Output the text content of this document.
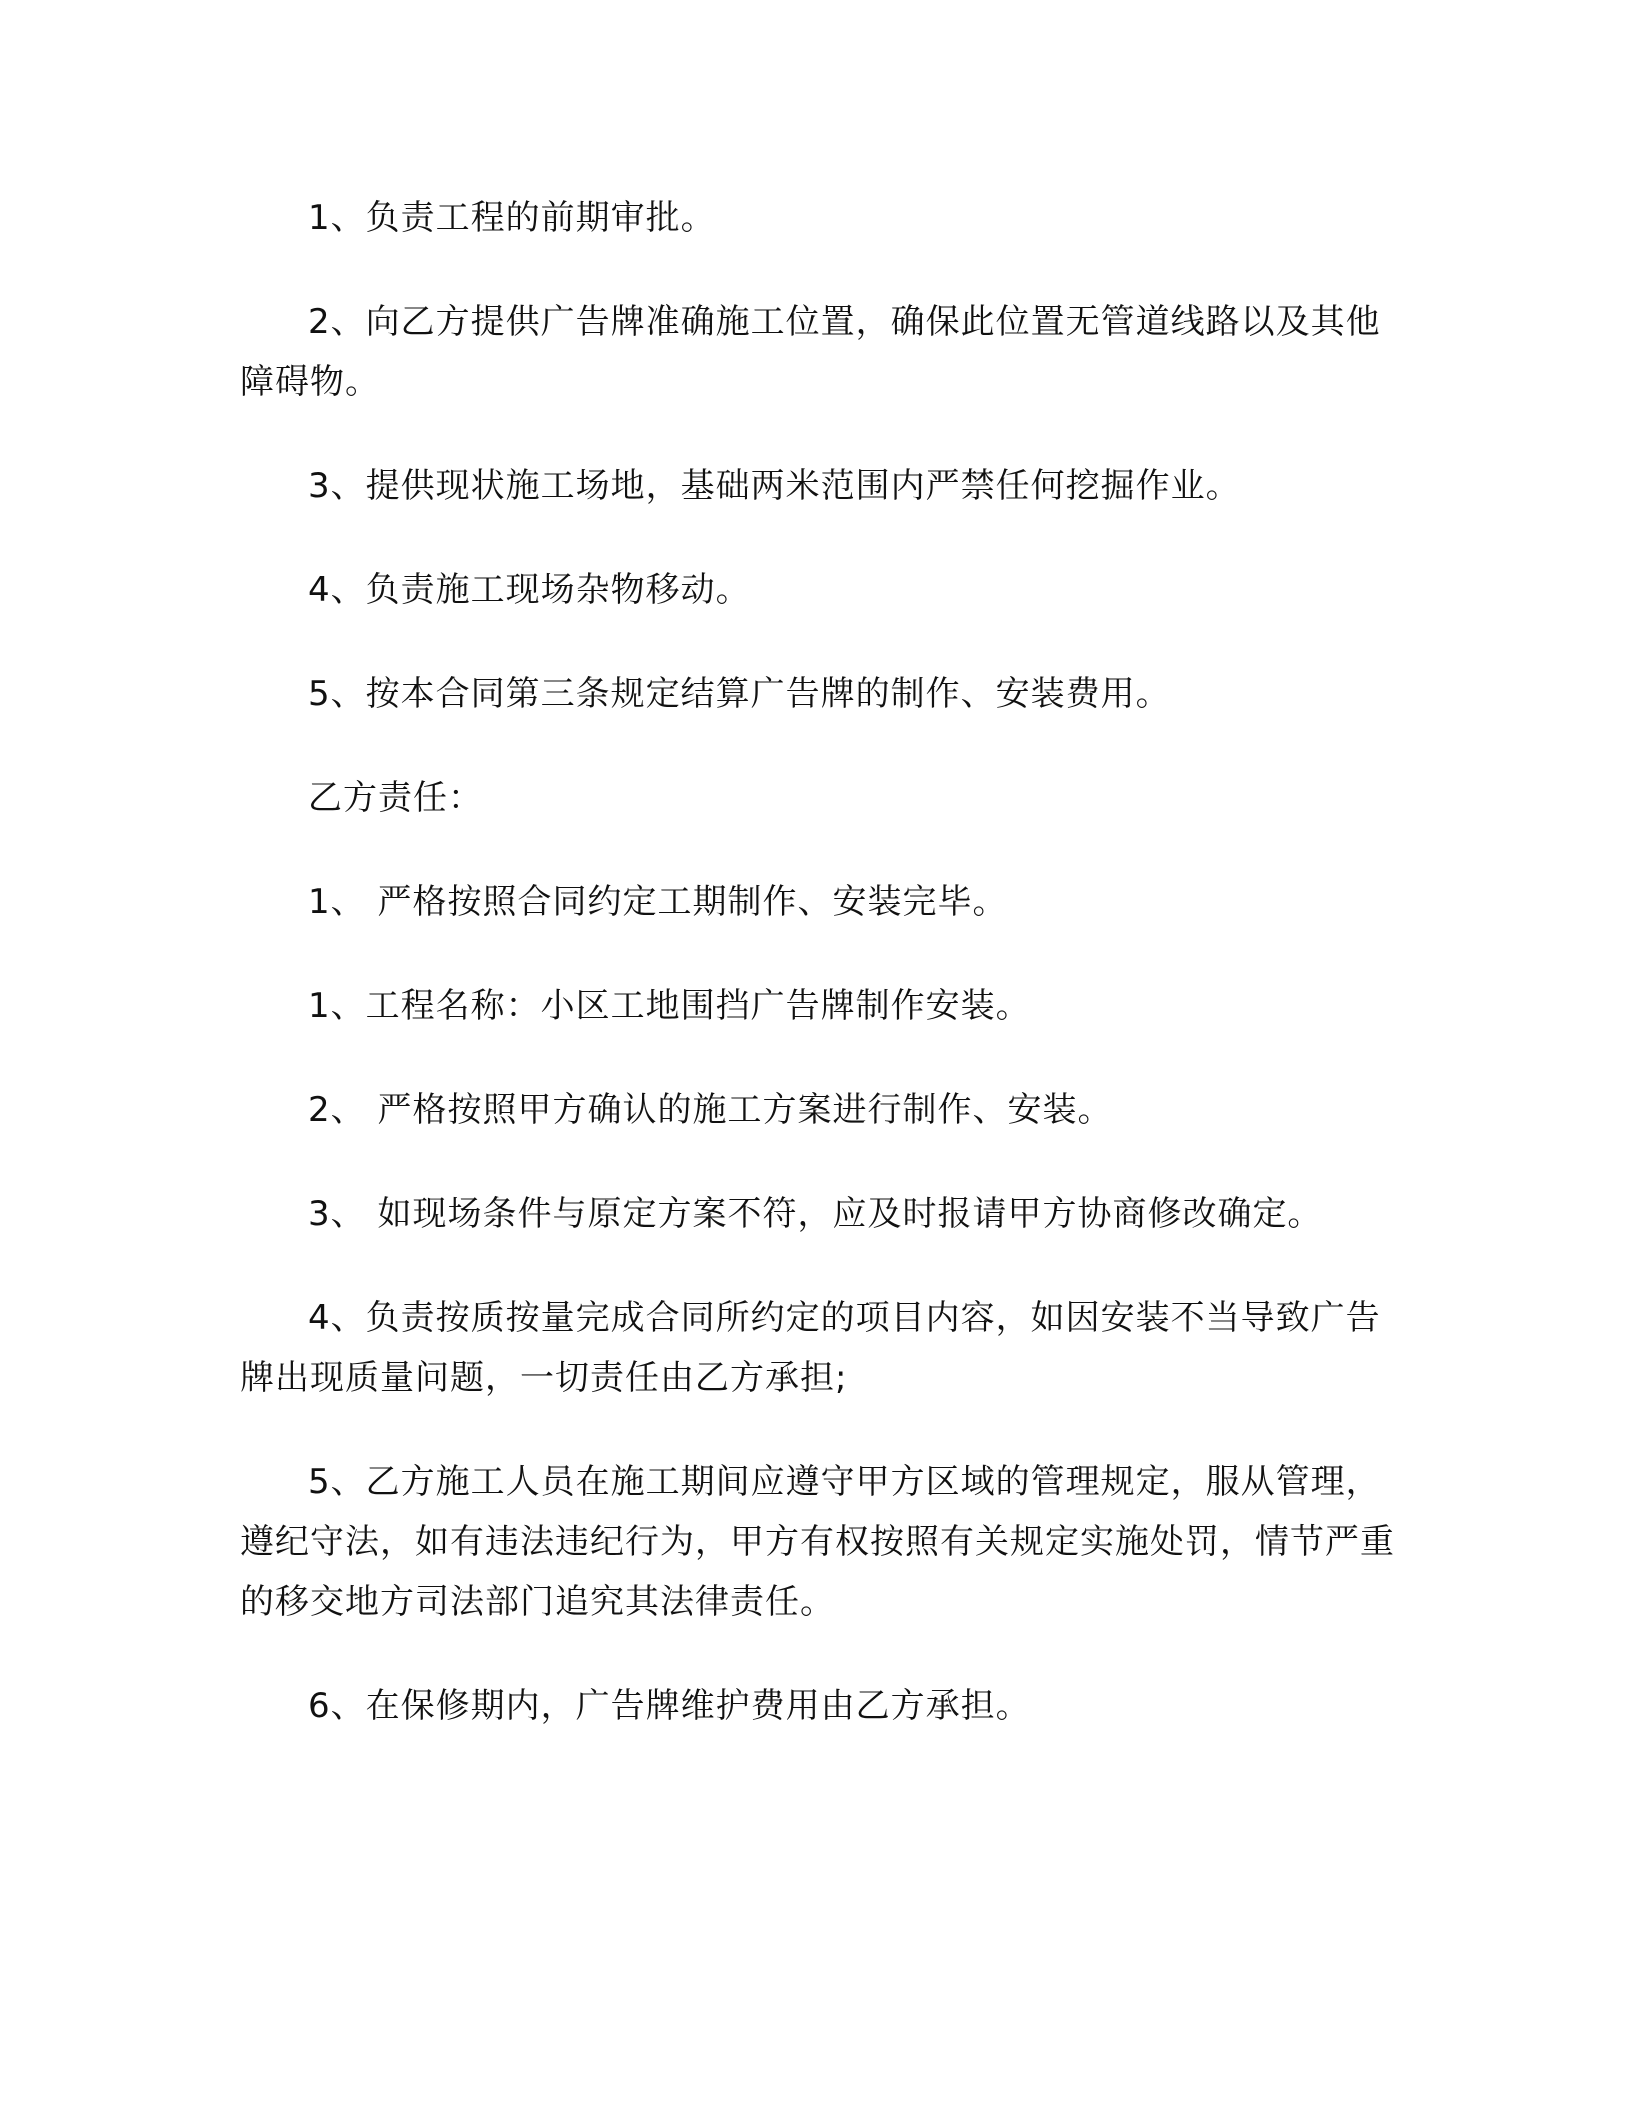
1、负责工程的前期审批。

2、向乙方提供广告牌准确施工位置，确保此位置无管道线路以及其他障碍物。

3、提供现状施工场地，基础两米范围内严禁任何挖掘作业。

4、负责施工现场杂物移动。

5、按本合同第三条规定结算广告牌的制作、安装费用。

乙方责任：

1、 严格按照合同约定工期制作、安装完毕。

1、工程名称：小区工地围挡广告牌制作安装。

2、 严格按照甲方确认的施工方案进行制作、安装。

3、 如现场条件与原定方案不符，应及时报请甲方协商修改确定。

4、负责按质按量完成合同所约定的项目内容，如因安装不当导致广告牌出现质量问题，一切责任由乙方承担;

5、乙方施工人员在施工期间应遵守甲方区域的管理规定，服从管理，遵纪守法，如有违法违纪行为，甲方有权按照有关规定实施处罚，情节严重的移交地方司法部门追究其法律责任。

6、在保修期内，广告牌维护费用由乙方承担。
